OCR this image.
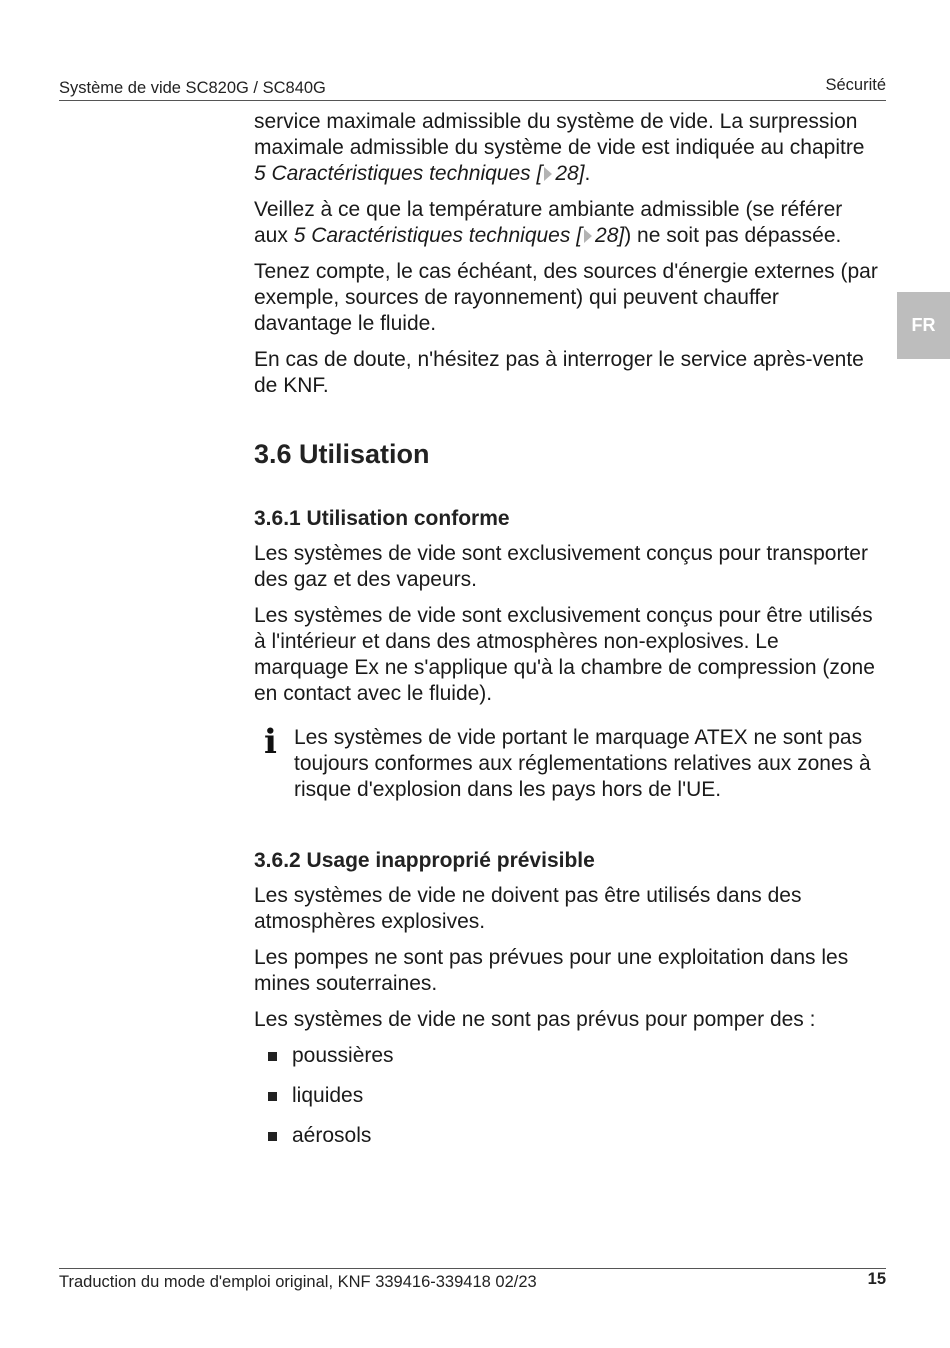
Système de vide SC820G / SC840G	Sécurité
FR

service maximale admissible du système de vide. La surpression maximale admissible du système de vide est indiquée au chapitre 5 Caractéristiques techniques [ 28].

Veillez à ce que la température ambiante admissible (se référer aux 5 Caractéristiques techniques [ 28]) ne soit pas dépassée.

Tenez compte, le cas échéant, des sources d'énergie externes (par exemple, sources de rayonnement) qui peuvent chauffer davantage le fluide.

En cas de doute, n'hésitez pas à interroger le service après-vente de KNF.

3.6 Utilisation
3.6.1 Utilisation conforme

Les systèmes de vide sont exclusivement conçus pour transporter des gaz et des vapeurs.

Les systèmes de vide sont exclusivement conçus pour être utilisés à l'intérieur et dans des atmosphères non-explosives. Le marquage Ex ne s'applique qu'à la chambre de compression (zone en contact avec le fluide).

i Les systèmes de vide portant le marquage ATEX ne sont pas toujours conformes aux réglementations relatives aux zones à risque d'explosion dans les pays hors de l'UE.

3.6.2 Usage inapproprié prévisible

Les systèmes de vide ne doivent pas être utilisés dans des atmosphères explosives.

Les pompes ne sont pas prévues pour une exploitation dans les mines souterraines.

Les systèmes de vide ne sont pas prévus pour pomper des :

poussières
liquides
aérosols
Traduction du mode d'emploi original, KNF 339416-339418 02/23	15
